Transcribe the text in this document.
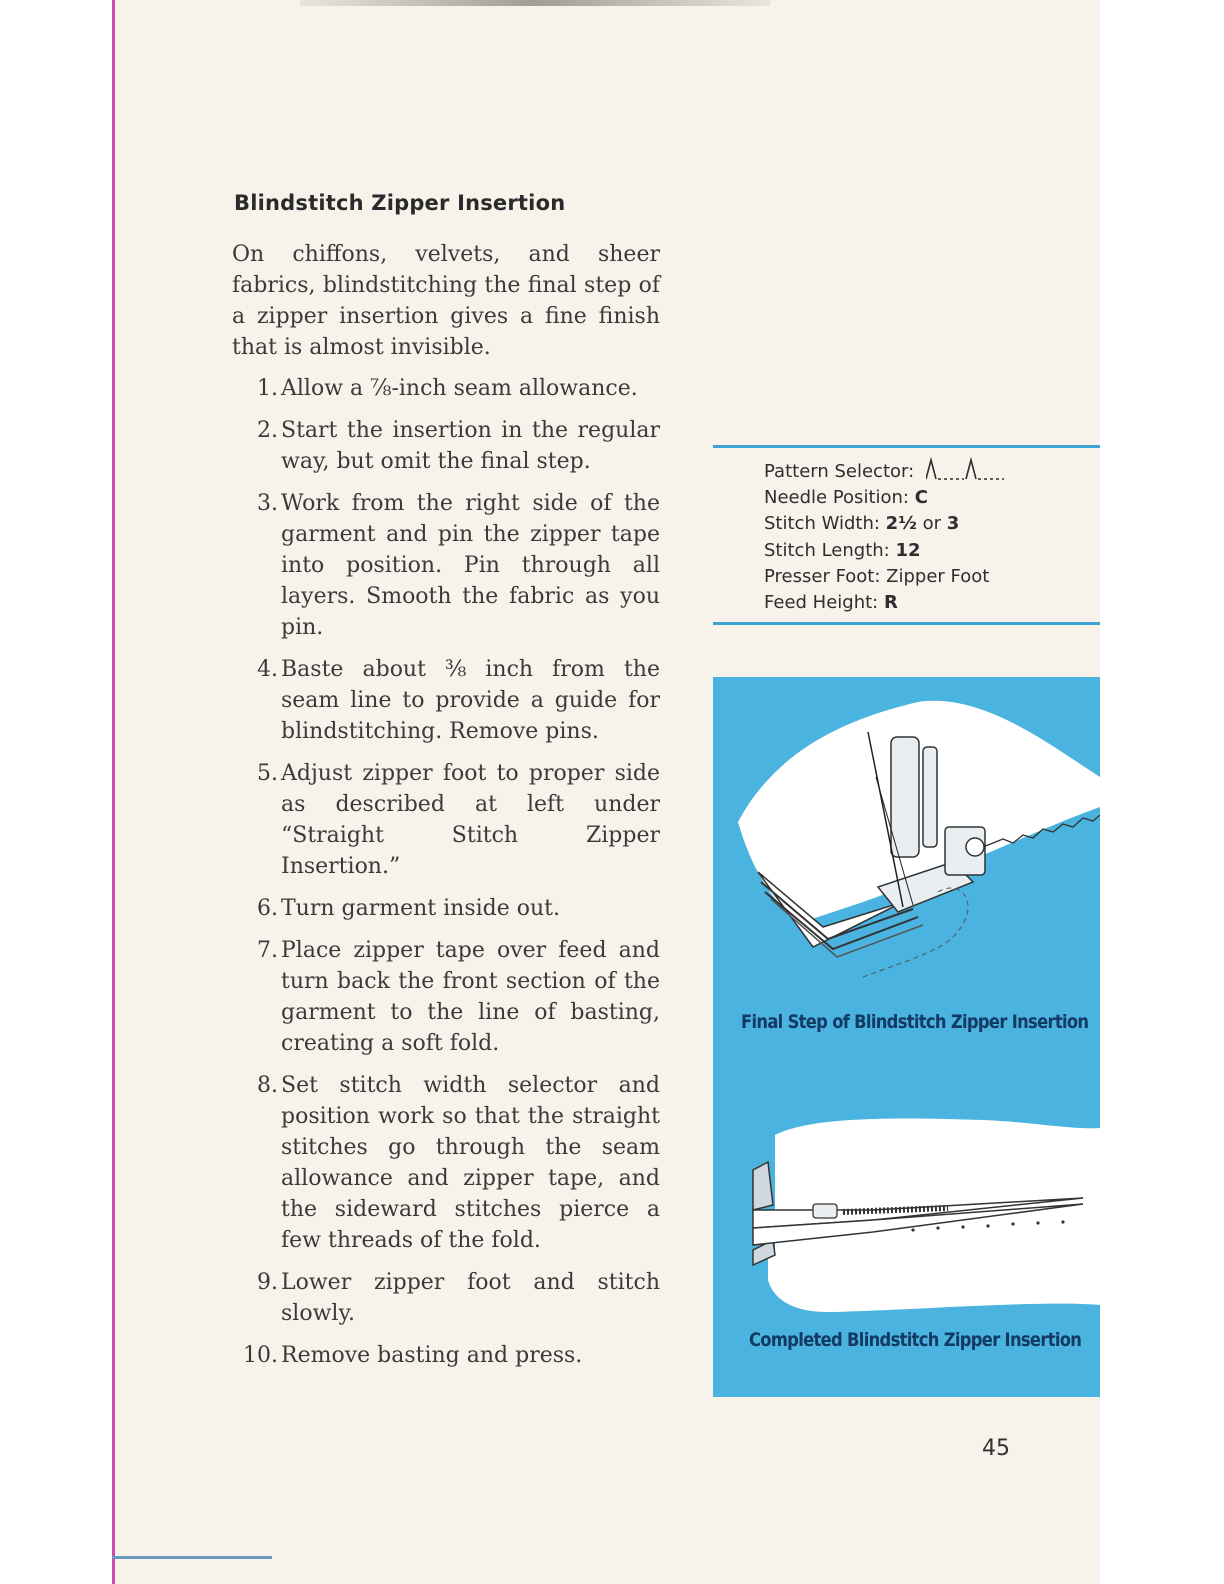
Blindstitch Zipper Insertion
On chiffons, velvets, and sheer fabrics, blindstitching the final step of a zipper insertion gives a fine finish that is almost invisible.
1. Allow a ⅞-inch seam allowance.
2. Start the insertion in the regular way, but omit the final step.
3. Work from the right side of the garment and pin the zipper tape into position. Pin through all layers. Smooth the fabric as you pin.
4. Baste about ⅜ inch from the seam line to provide a guide for blindstitching. Remove pins.
5. Adjust zipper foot to proper side as described at left under “Straight Stitch Zipper Insertion.”
6. Turn garment inside out.
7. Place zipper tape over feed and turn back the front section of the garment to the line of basting, creating a soft fold.
8. Set stitch width selector and position work so that the straight stitches go through the seam allowance and zipper tape, and the sideward stitches pierce a few threads of the fold.
9. Lower zipper foot and stitch slowly.
10. Remove basting and press.
Pattern Selector:
Needle Position: C
Stitch Width: 2½ or 3
Stitch Length: 12
Presser Foot: Zipper Foot
Feed Height: R
Final Step of Blindstitch Zipper Insertion
Completed Blindstitch Zipper Insertion
45
